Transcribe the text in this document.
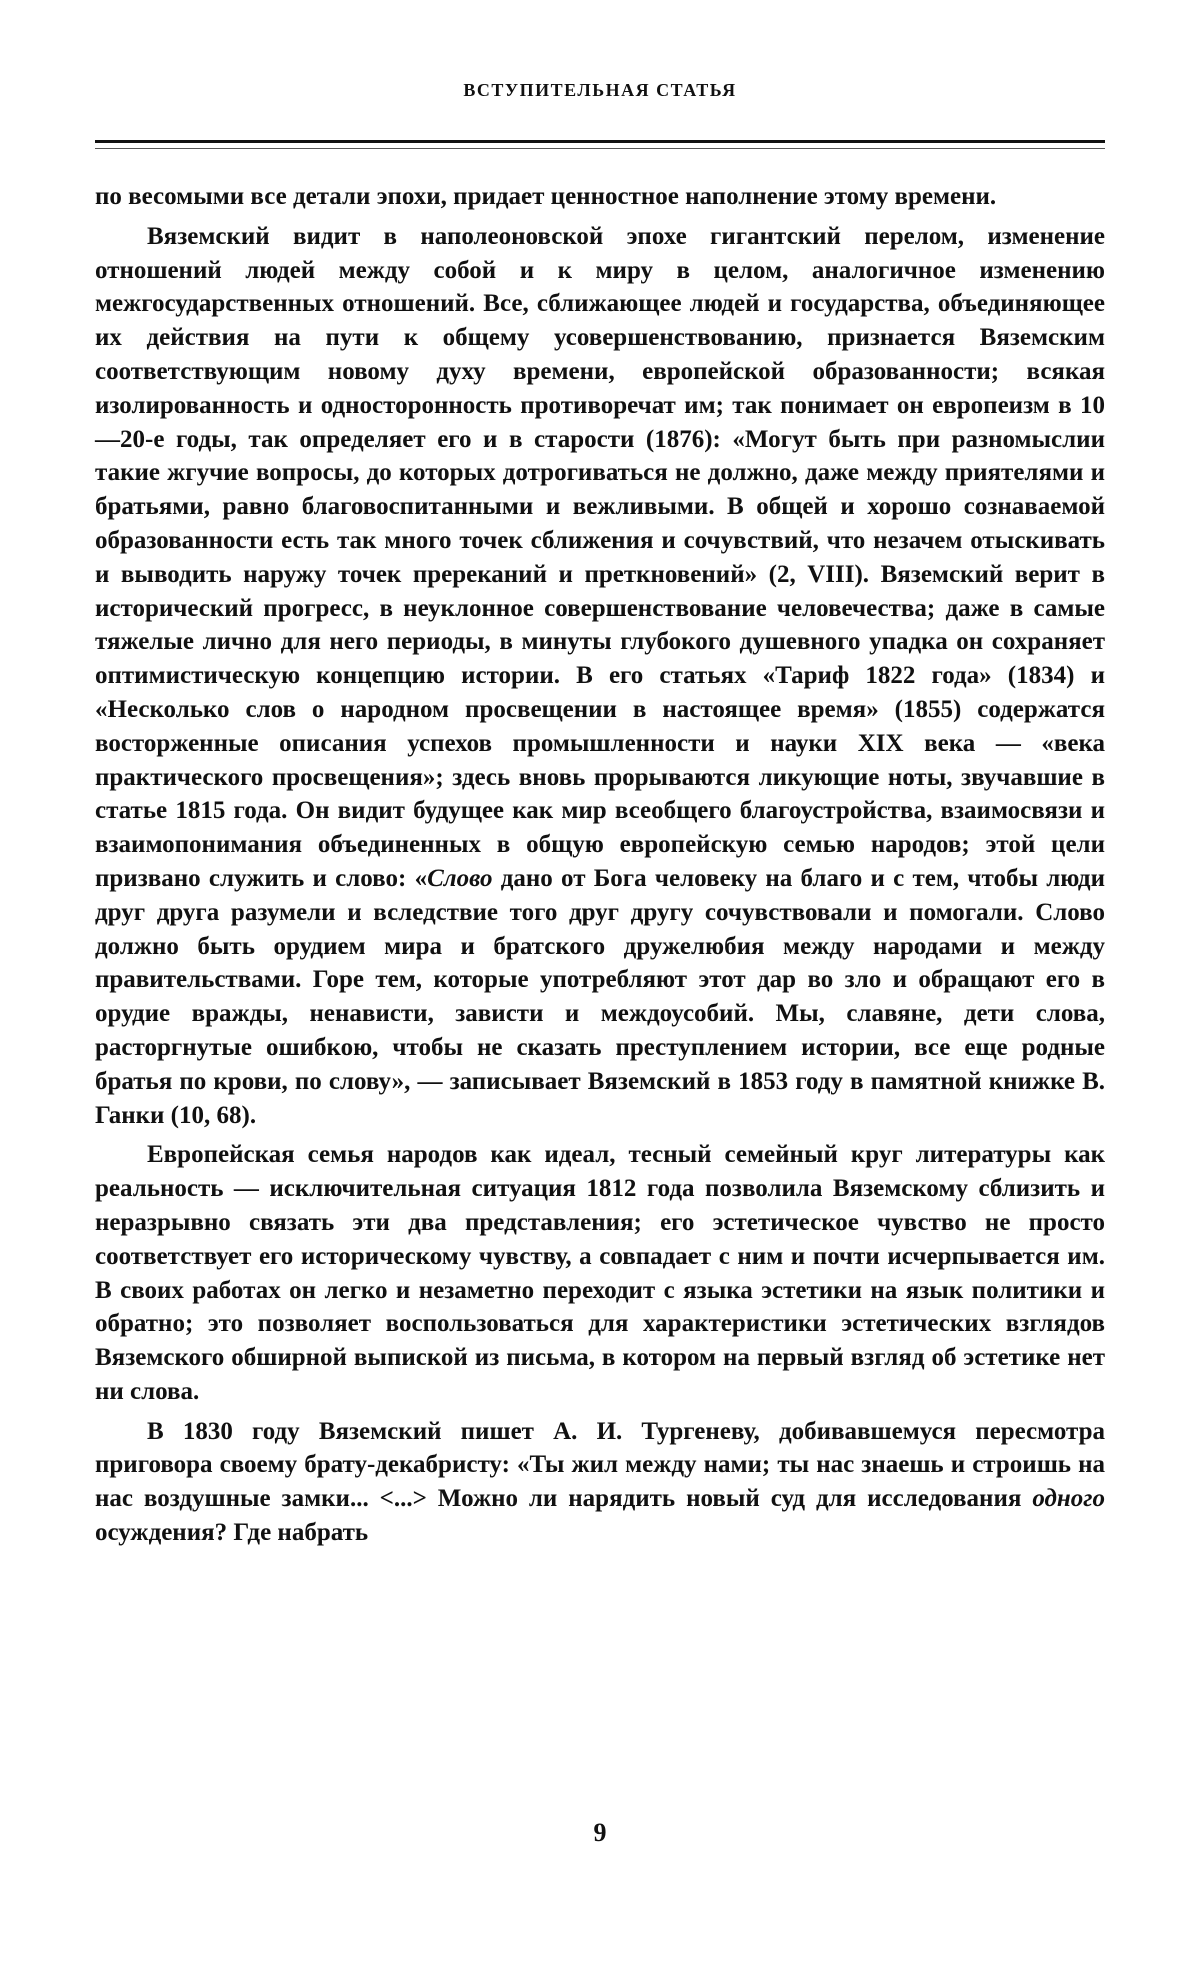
ВСТУПИТЕЛЬНАЯ СТАТЬЯ

по весомыми все детали эпохи, придает ценностное наполнение этому времени.

Вяземский видит в наполеоновской эпохе гигантский перелом, изменение отношений людей между собой и к миру в целом, аналогичное изменению межгосударственных отношений. Все, сближающее людей и государства, объединяющее их действия на пути к общему усовершенствованию, признается Вяземским соответствующим новому духу времени, европейской образованности; всякая изолированность и односторонность противоречат им; так понимает он европеизм в 10—20-е годы, так определяет его и в старости (1876): «Могут быть при разномыслии такие жгучие вопросы, до которых дотрогиваться не должно, даже между приятелями и братьями, равно благовоспитанными и вежливыми. В общей и хорошо сознаваемой образованности есть так много точек сближения и сочувствий, что незачем отыскивать и выводить наружу точек пререканий и преткновений» (2, VIII). Вяземский верит в исторический прогресс, в неуклонное совершенствование человечества; даже в самые тяжелые лично для него периоды, в минуты глубокого душевного упадка он сохраняет оптимистическую концепцию истории. В его статьях «Тариф 1822 года» (1834) и «Несколько слов о народном просвещении в настоящее время» (1855) содержатся восторженные описания успехов промышленности и науки XIX века — «века практического просвещения»; здесь вновь прорываются ликующие ноты, звучавшие в статье 1815 года. Он видит будущее как мир всеобщего благоустройства, взаимосвязи и взаимопонимания объединенных в общую европейскую семью народов; этой цели призвано служить и слово: «Слово дано от Бога человеку на благо и с тем, чтобы люди друг друга разумели и вследствие того друг другу сочувствовали и помогали. Слово должно быть орудием мира и братского дружелюбия между народами и между правительствами. Горе тем, которые употребляют этот дар во зло и обращают его в орудие вражды, ненависти, зависти и междоусобий. Мы, славяне, дети слова, расторгнутые ошибкою, чтобы не сказать преступлением истории, все еще родные братья по крови, по слову», — записывает Вяземский в 1853 году в памятной книжке В. Ганки (10, 68).

Европейская семья народов как идеал, тесный семейный круг литературы как реальность — исключительная ситуация 1812 года позволила Вяземскому сблизить и неразрывно связать эти два представления; его эстетическое чувство не просто соответствует его историческому чувству, а совпадает с ним и почти исчерпывается им. В своих работах он легко и незаметно переходит с языка эстетики на язык политики и обратно; это позволяет воспользоваться для характеристики эстетических взглядов Вяземского обширной выпиской из письма, в котором на первый взгляд об эстетике нет ни слова.

В 1830 году Вяземский пишет А. И. Тургеневу, добивавшемуся пересмотра приговора своему брату-декабристу: «Ты жил между нами; ты нас знаешь и строишь на нас воздушные замки... <...> Можно ли нарядить новый суд для исследования одного осуждения? Где набрать

9
